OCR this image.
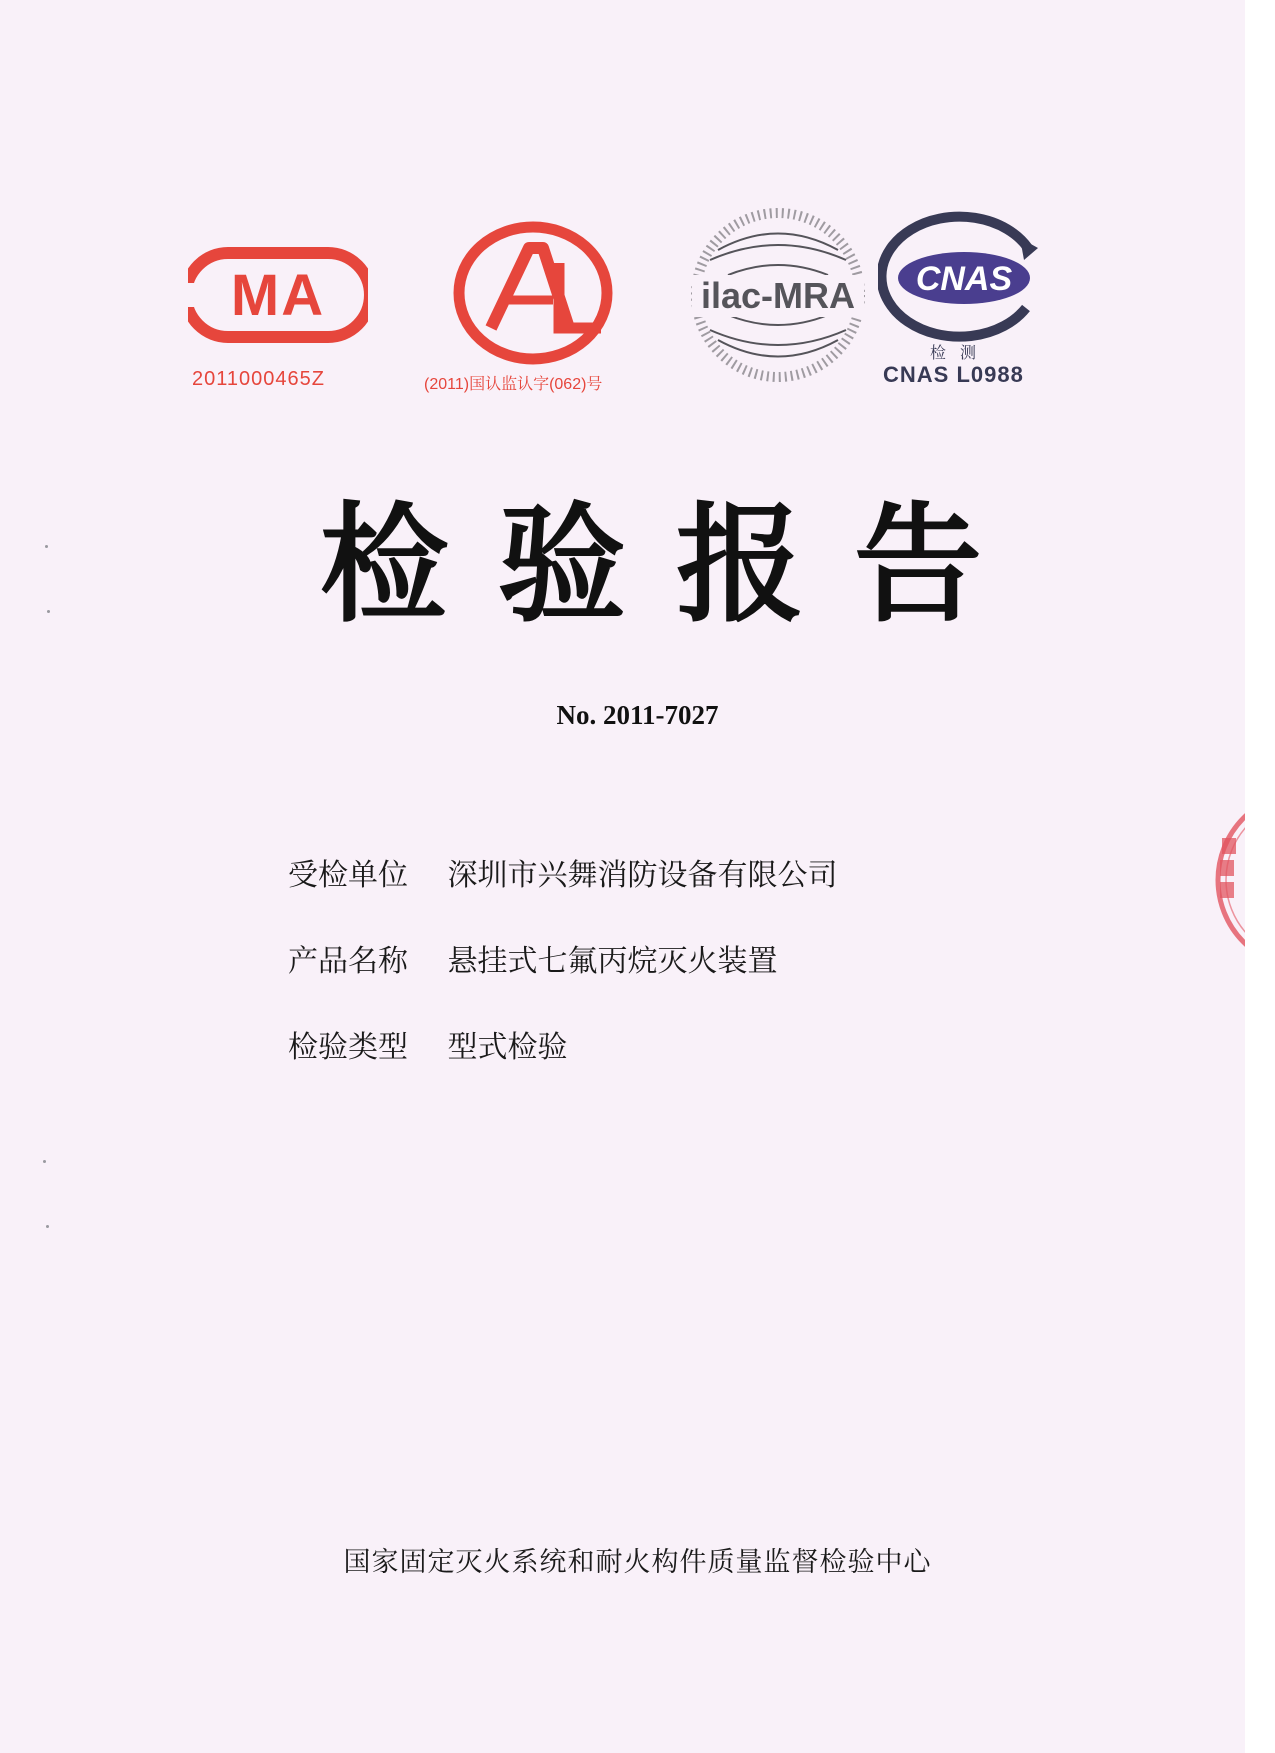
MA
2011000465Z	(2011)国认监认字(062)号
ilac-MRA CNAS
检测
CNAS L0988
检验报告
No. 2011-7027
受检单位 深圳市兴舞消防设备有限公司
产品名称 悬挂式七氟丙烷灭火装置
检验类型 型式检验
国家固定灭火系统和耐火构件质量监督检验中心
